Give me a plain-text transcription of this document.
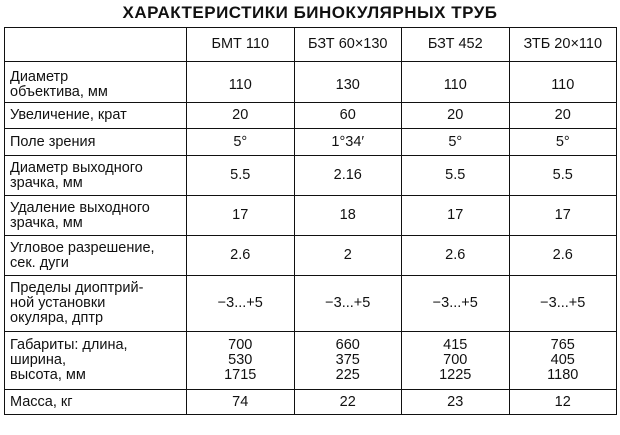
ХАРАКТЕРИСТИКИ БИНОКУЛЯРНЫХ ТРУБ
	БМТ 110	БЗТ 60×130	БЗТ 452	ЗТБ 20×110

Диаметр
объектива, мм	110	130	110	110

Увеличение, крат	20	60	20	20

Поле зрения	5°	1°34′	5°	5°

Диаметр выходного
зрачка, мм	5.5	2.16	5.5	5.5

Удаление выходного
зрачка, мм	17	18	17	17

Угловое разрешение,
сек. дуги	2.6	2	2.6	2.6

Пределы диоптрий-
ной установки
окуляра, дптр	−3...+5	−3...+5	−3...+5	−3...+5

Габариты: длина,
ширина,
высота, мм	700
530
1715	660
375
225	415
700
1225	765
405
1180

Масса, кг	74	22	23	12
